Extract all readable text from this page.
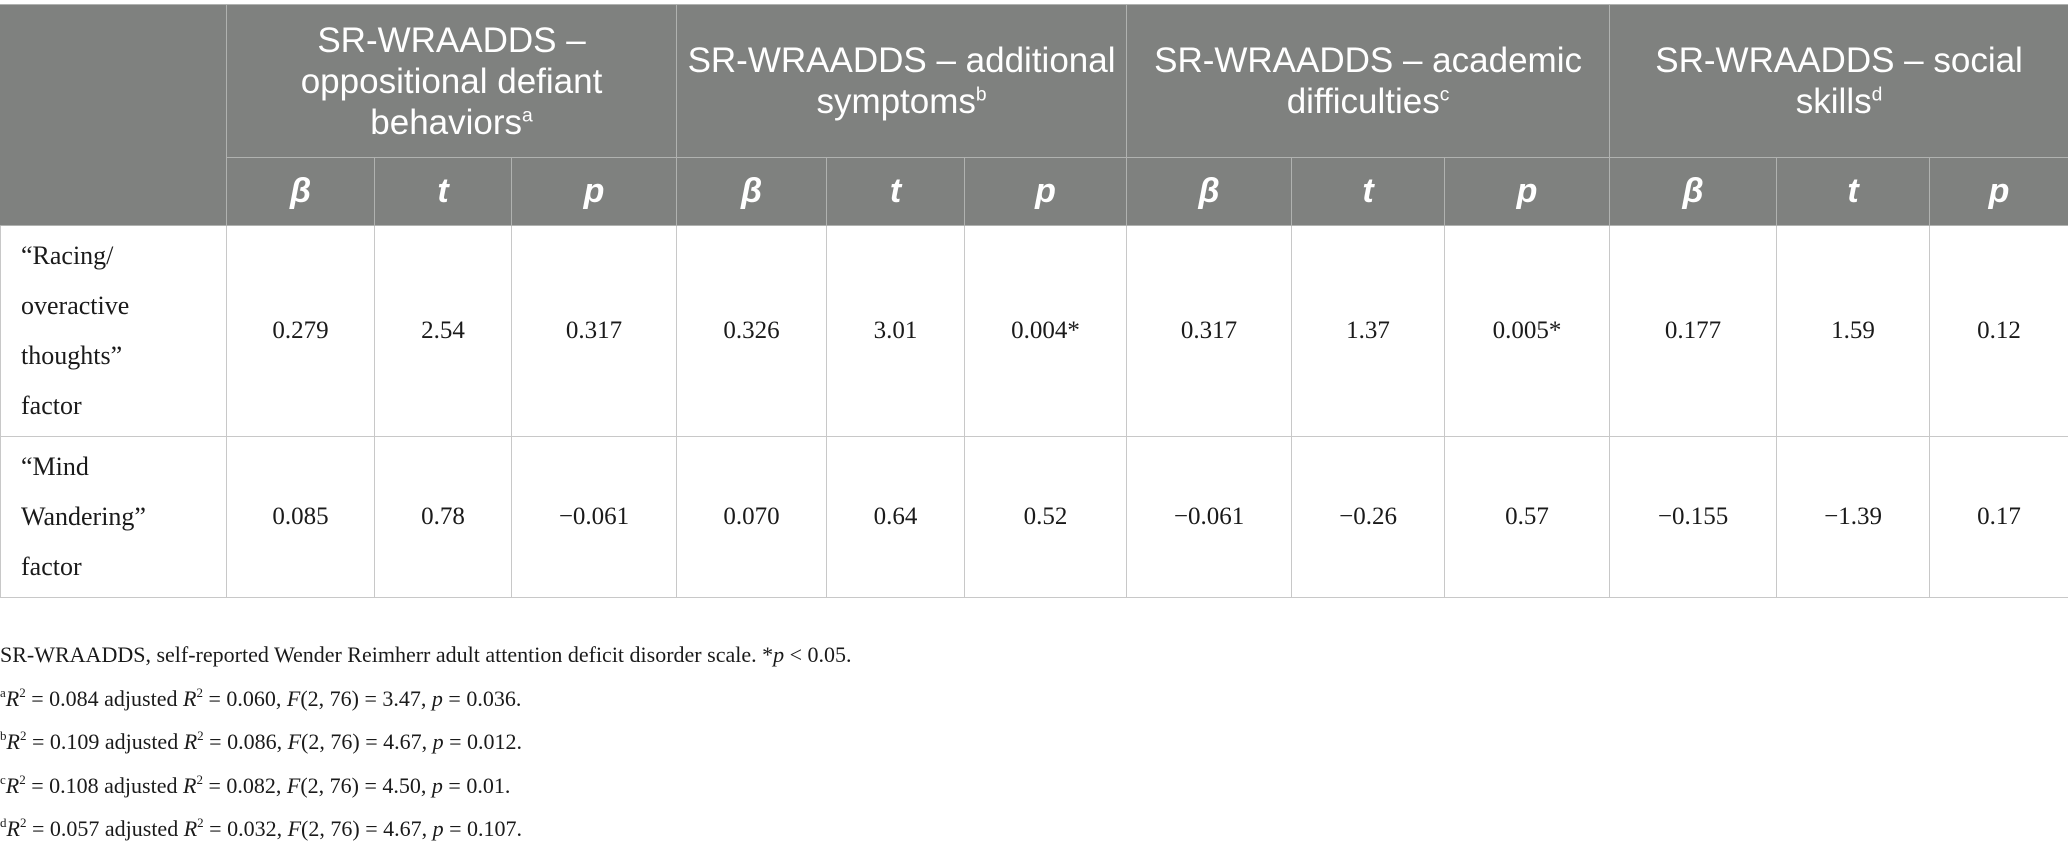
	SR-WRAADDS – oppositional defiant behaviors$^a$			SR-WRAADDS – additional symptoms$^b$			SR-WRAADDS – academic difficulties$^c$			SR-WRAADDS – social skills$^d$
	β	t	p	β	t	p	β	t	p	β	t	p
“Racing/
overactive
thoughts”
factor	0.279	2.54	0.317	0.326	3.01	0.004*	0.317	1.37	0.005*	0.177	1.59	0.12
“Mind
Wandering”
factor	0.085	0.78	−0.061	0.070	0.64	0.52	−0.061	−0.26	0.57	−0.155	−1.39	0.17
SR-WRAADDS, self-reported Wender Reimherr adult attention deficit disorder scale. *p < 0.05.
$^aR^2 = 0.084$ adjusted $R^2 = 0.060$, F(2, 76) = 3.47, p = 0.036.
$^bR^2 = 0.109$ adjusted $R^2 = 0.086$, F(2, 76) = 4.67, p = 0.012.
$^cR^2 = 0.108$ adjusted $R^2 = 0.082$, F(2, 76) = 4.50, p = 0.01.
$^dR^2 = 0.057$ adjusted $R^2 = 0.032$, F(2, 76) = 4.67, p = 0.107.
